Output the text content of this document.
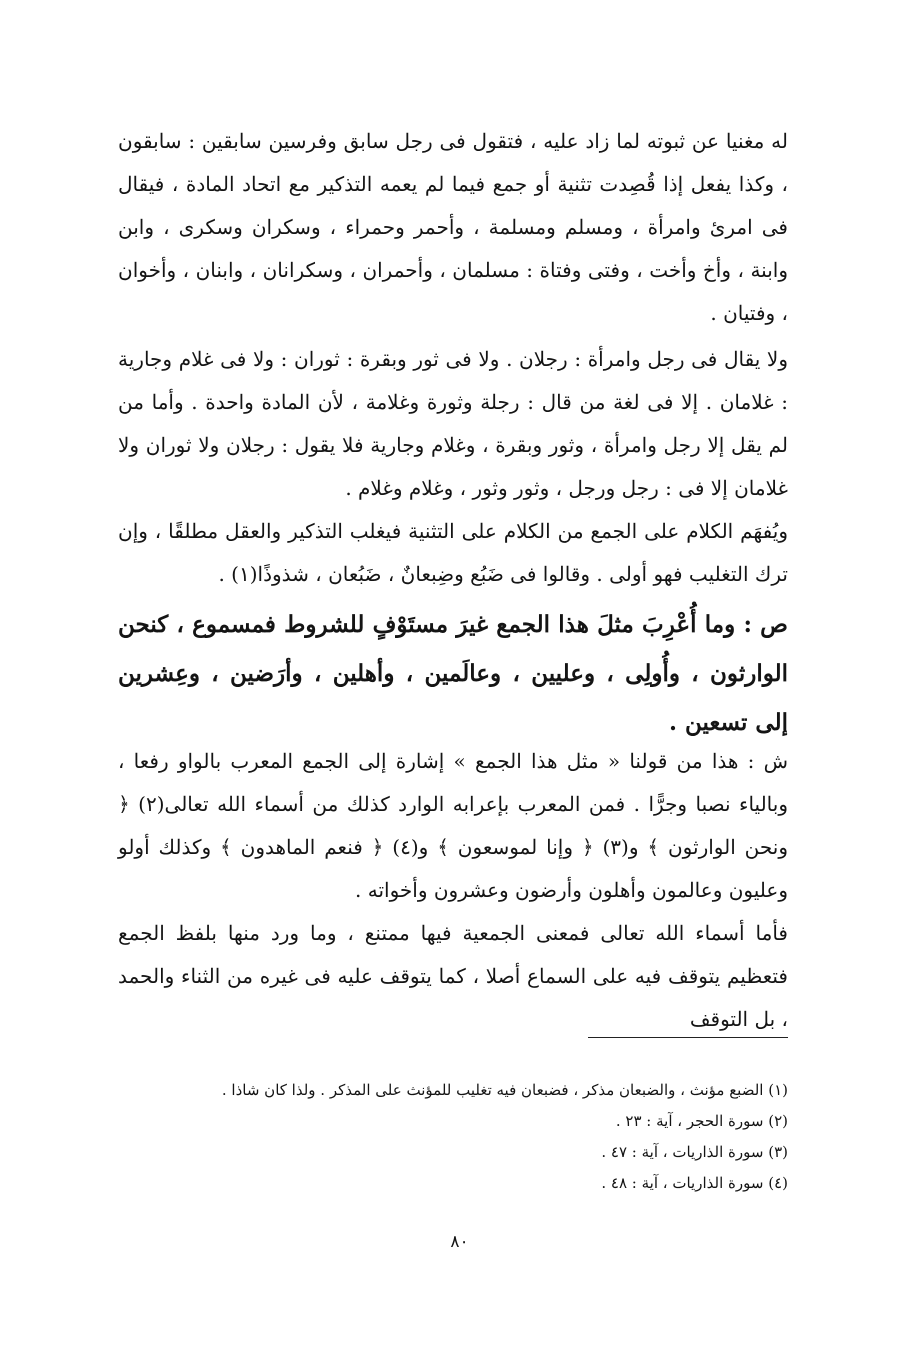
له مغنيا عن ثبوته لما زاد عليه ، فتقول فى رجل سابق وفرسين سابقين : سابقون ، وكذا يفعل إذا قُصِدت تثنية أو جمع فيما لم يعمه التذكير مع اتحاد المادة ، فيقال فى امرئ وامرأة ، ومسلم ومسلمة ، وأحمر وحمراء ، وسكران وسكرى ، وابن وابنة ، وأخ وأخت ، وفتى وفتاة : مسلمان ، وأحمران ، وسكرانان ، وابنان ، وأخوان ، وفتيان .

ولا يقال فى رجل وامرأة : رجلان . ولا فى ثور وبقرة : ثوران : ولا فى غلام وجارية : غلامان . إلا فى لغة من قال : رجلة وثورة وغلامة ، لأن المادة واحدة . وأما من لم يقل إلا رجل وامرأة ، وثور وبقرة ، وغلام وجارية فلا يقول : رجلان ولا ثوران ولا غلامان إلا فى : رجل ورجل ، وثور وثور ، وغلام وغلام .

ويُفهَم الكلام على الجمع من الكلام على التثنية فيغلب التذكير والعقل مطلقًا ، وإن ترك التغليب فهو أولى . وقالوا فى ضَبُع وضِبعانٌ ، ضَبُعان ، شذوذًا(١) .

ص : وما أُعْرِبَ مثلَ هذا الجمع غيرَ مستَوْفٍ للشروط فمسموع ، كنحن الوارثون ، وأُولِى ، وعليين ، وعالَمين ، وأهلين ، وأرَضين ، وعِشرين إلى تسعين .

ش : هذا من قولنا « مثل هذا الجمع » إشارة إلى الجمع المعرب بالواو رفعا ، وبالياء نصبا وجرًّا . فمن المعرب بإعرابه الوارد كذلك من أسماء الله تعالى(٢) ﴿ ونحن الوارثون ﴾ و(٣) ﴿ وإنا لموسعون ﴾ و(٤) ﴿ فنعم الماهدون ﴾ وكذلك أولو وعليون وعالمون وأهلون وأرضون وعشرون وأخواته .

فأما أسماء الله تعالى فمعنى الجمعية فيها ممتنع ، وما ورد منها بلفظ الجمع فتعظيم يتوقف فيه على السماع أصلا ، كما يتوقف عليه فى غيره من الثناء والحمد ، بل التوقف

(١) الضبع مؤنث ، والضبعان مذكر ، فضبعان فيه تغليب للمؤنث على المذكر . ولذا كان شاذا .
(٢) سورة الحجر ، آية : ٢٣ .
(٣) سورة الذاريات ، آية : ٤٧ .
(٤) سورة الذاريات ، آية : ٤٨ .
٨٠
